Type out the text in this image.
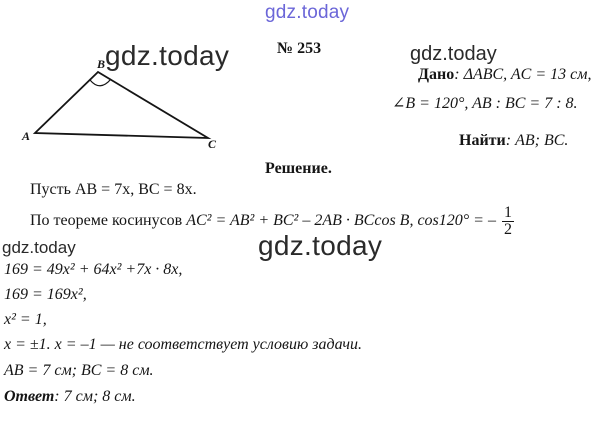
gdz.today
gdz.today	gdz.today
gdz.today	gdz.today
№ 253
A
B
C
Дано: ΔABC, AC = 13 см,
∠B = 120°, AB : BC = 7 : 8.
Найти: AB; BC.
Решение.
Пусть AB = 7x, BC = 8x.
По теореме косинусов AC² = AB² + BC² – 2AB · BCcos B, cos120° = – $\frac{1}{2}$
169 = 49x² + 64x² +7x · 8x,
169 = 169x²,
x² = 1,
x = ±1. x = –1 — не соответствует условию задачи.
AB = 7 см; BC = 8 см.
Ответ: 7 см; 8 см.
